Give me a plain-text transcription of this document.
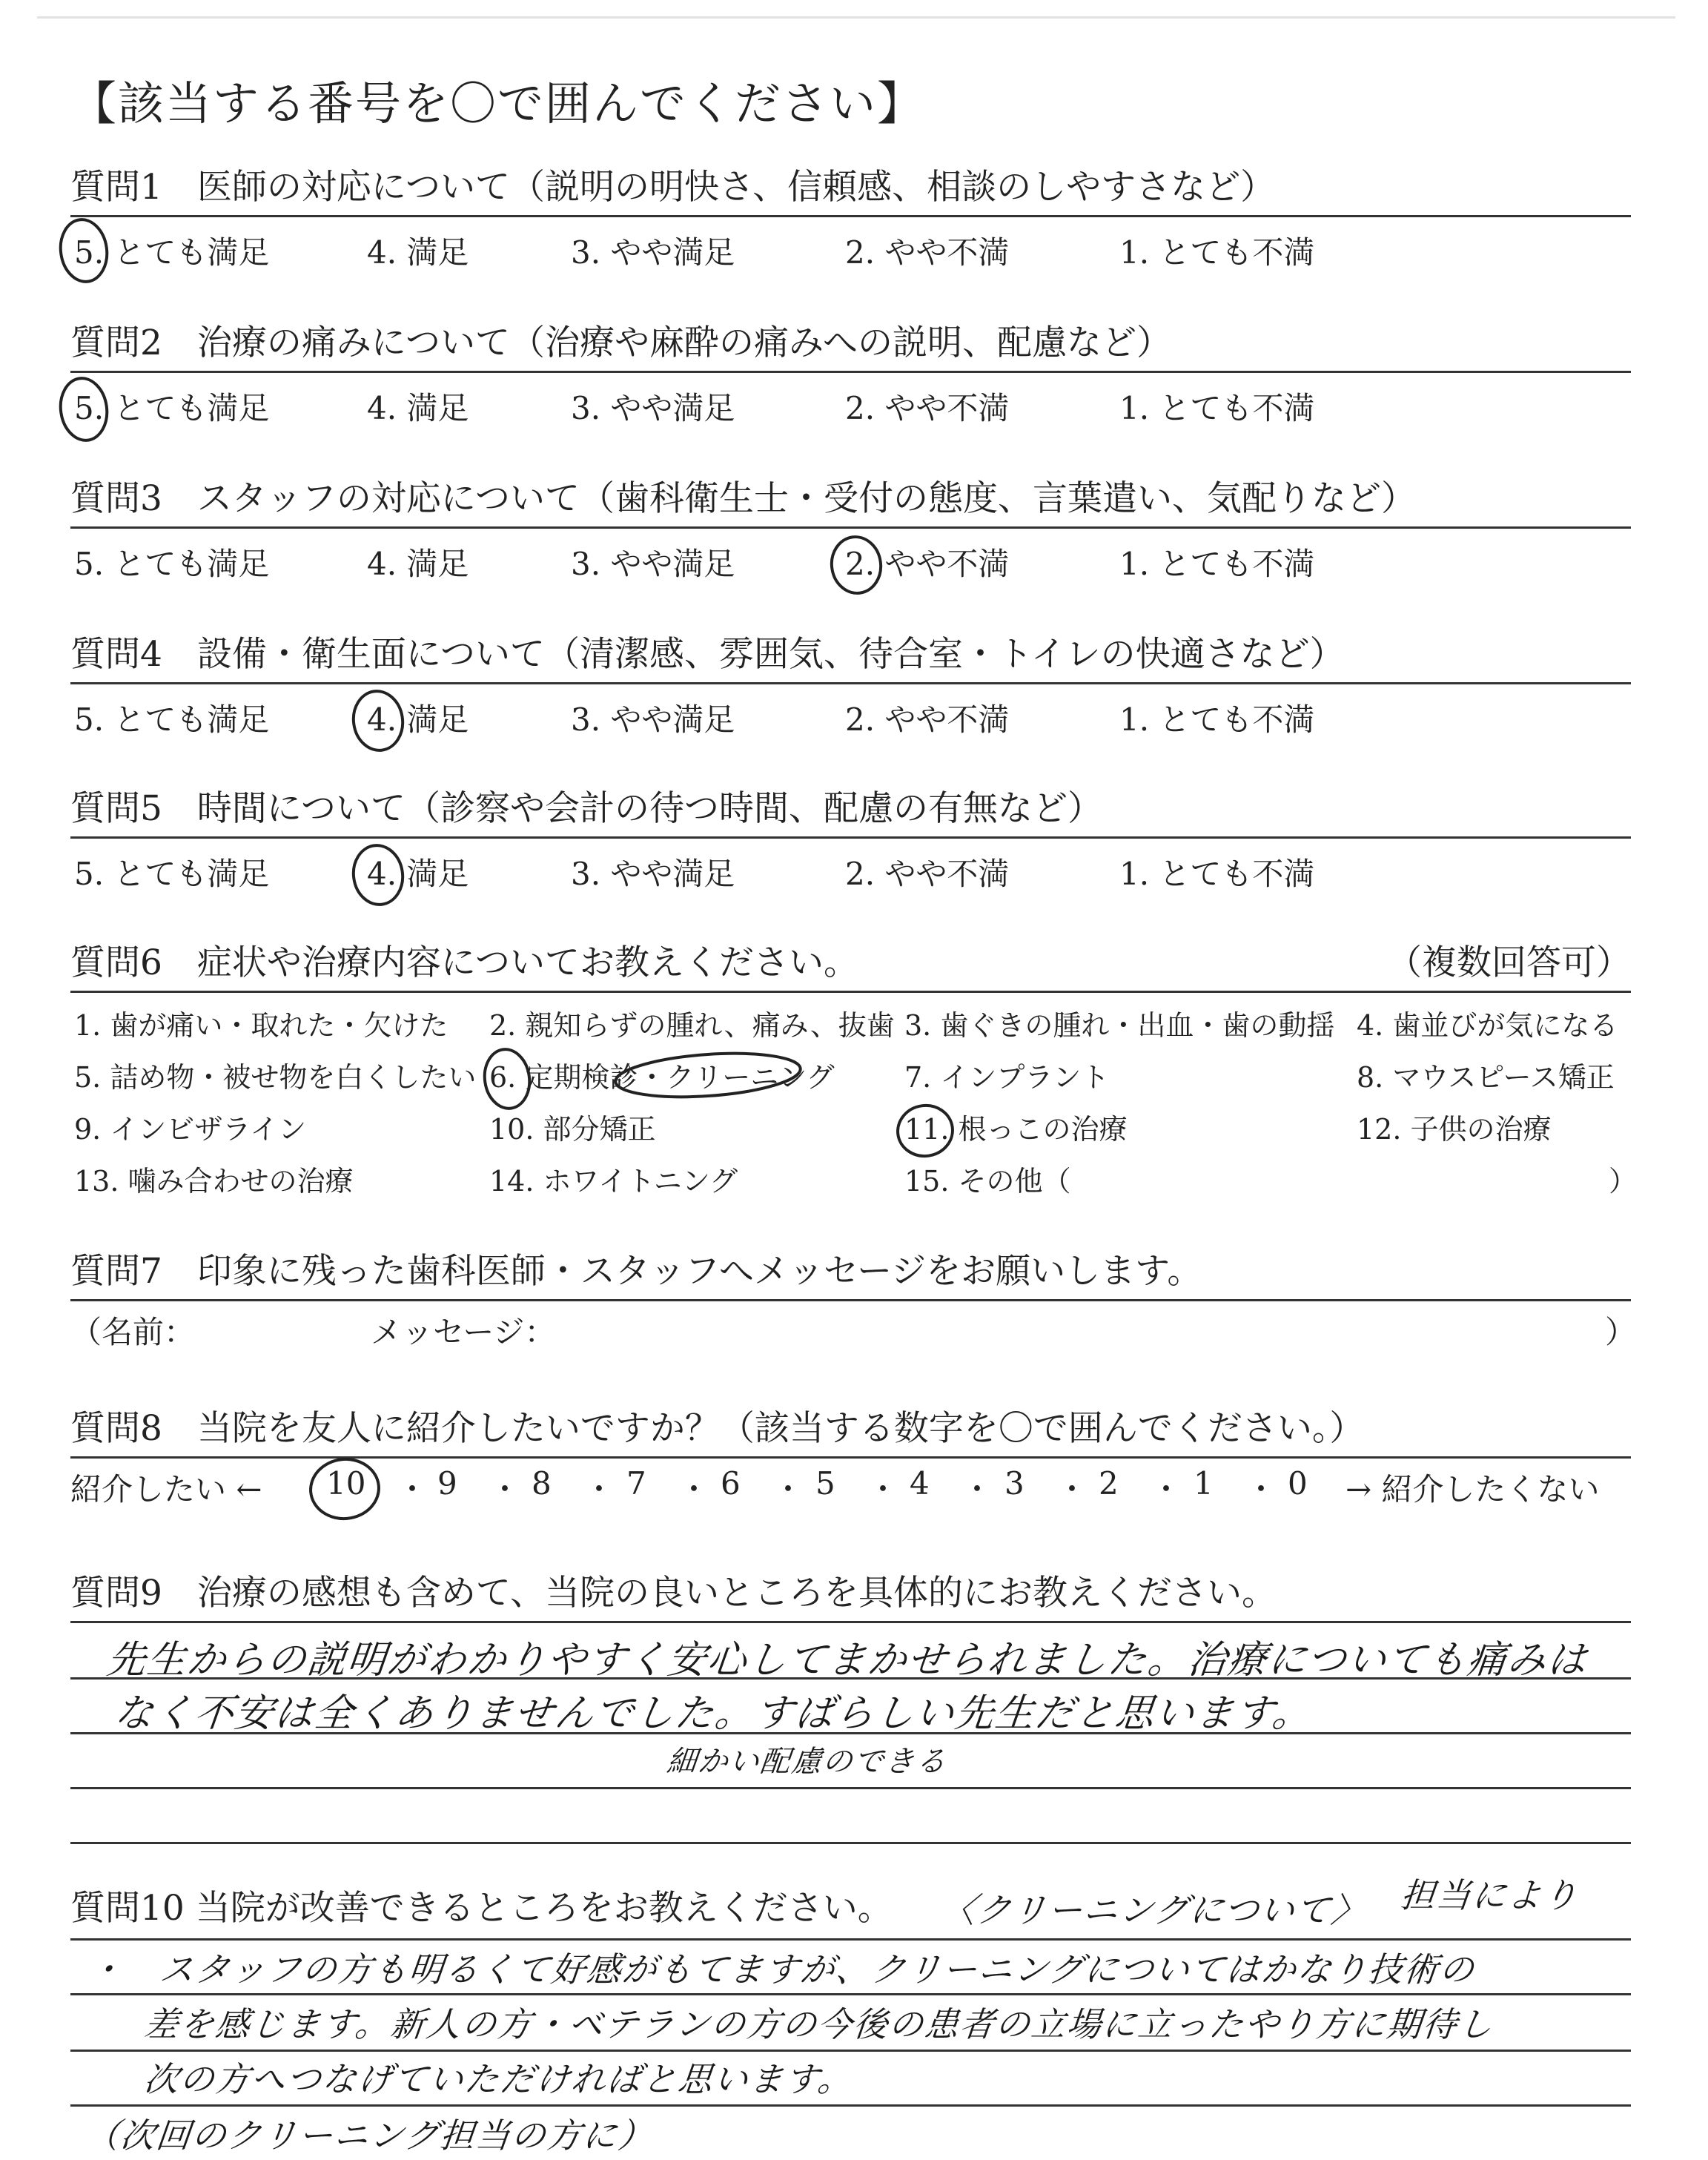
【該当する番号を〇で囲んでください】
質問1　医師の対応について（説明の明快さ、信頼感、相談のしやすさなど）
5. とても満足	4. 満足	3. やや満足	2. やや不満	1. とても不満
質問2　治療の痛みについて（治療や麻酔の痛みへの説明、配慮など）
5. とても満足	4. 満足	3. やや満足	2. やや不満	1. とても不満
質問3　スタッフの対応について（歯科衛生士・受付の態度、言葉遣い、気配りなど）
5. とても満足	4. 満足	3. やや満足	2. やや不満	1. とても不満
質問4　設備・衛生面について（清潔感、雰囲気、待合室・トイレの快適さなど）
5. とても満足	4. 満足	3. やや満足	2. やや不満	1. とても不満
質問5　時間について（診察や会計の待つ時間、配慮の有無など）
5. とても満足	4. 満足	3. やや満足	2. やや不満	1. とても不満
質問6　症状や治療内容についてお教えください。	（複数回答可）
1. 歯が痛い・取れた・欠けた 2. 親知らずの腫れ、痛み、抜歯 3. 歯ぐきの腫れ・出血・歯の動揺 4. 歯並びが気になる
5. 詰め物・被せ物を白くしたい 6. 定期検診・クリーニング 7. インプラント	8. マウスピース矯正
9. インビザライン	10. 部分矯正	11. 根っこの治療	12. 子供の治療
13. 噛み合わせの治療	14. ホワイトニング	15. その他（	）
質問7　印象に残った歯科医師・スタッフへメッセージをお願いします。
（名前：	メッセージ：	）
質問8　当院を友人に紹介したいですか？（該当する数字を〇で囲んでください。）
紹介したい ← 10 ・ 9 ・ 8 ・ 7 ・ 6 ・ 5 ・ 4 ・ 3 ・ 2 ・ 1 ・ 0 → 紹介したくない
質問9　治療の感想も含めて、当院の良いところを具体的にお教えください。
先生からの説明がわかりやすく安心してまかせられました。治療についても痛みは
なく不安は全くありませんでした。すばらしい先生だと思います。
細かい配慮のできる
質問10 当院が改善できるところをお教えください。	〈クリーニングについて〉 担当により
・　スタッフの方も明るくて好感がもてますが、クリーニングについてはかなり技術の
差を感じます。新人の方・ベテランの方の今後の患者の立場に立ったやり方に期待し
次の方へつなげていただければと思います。
（次回のクリーニング担当の方に）
